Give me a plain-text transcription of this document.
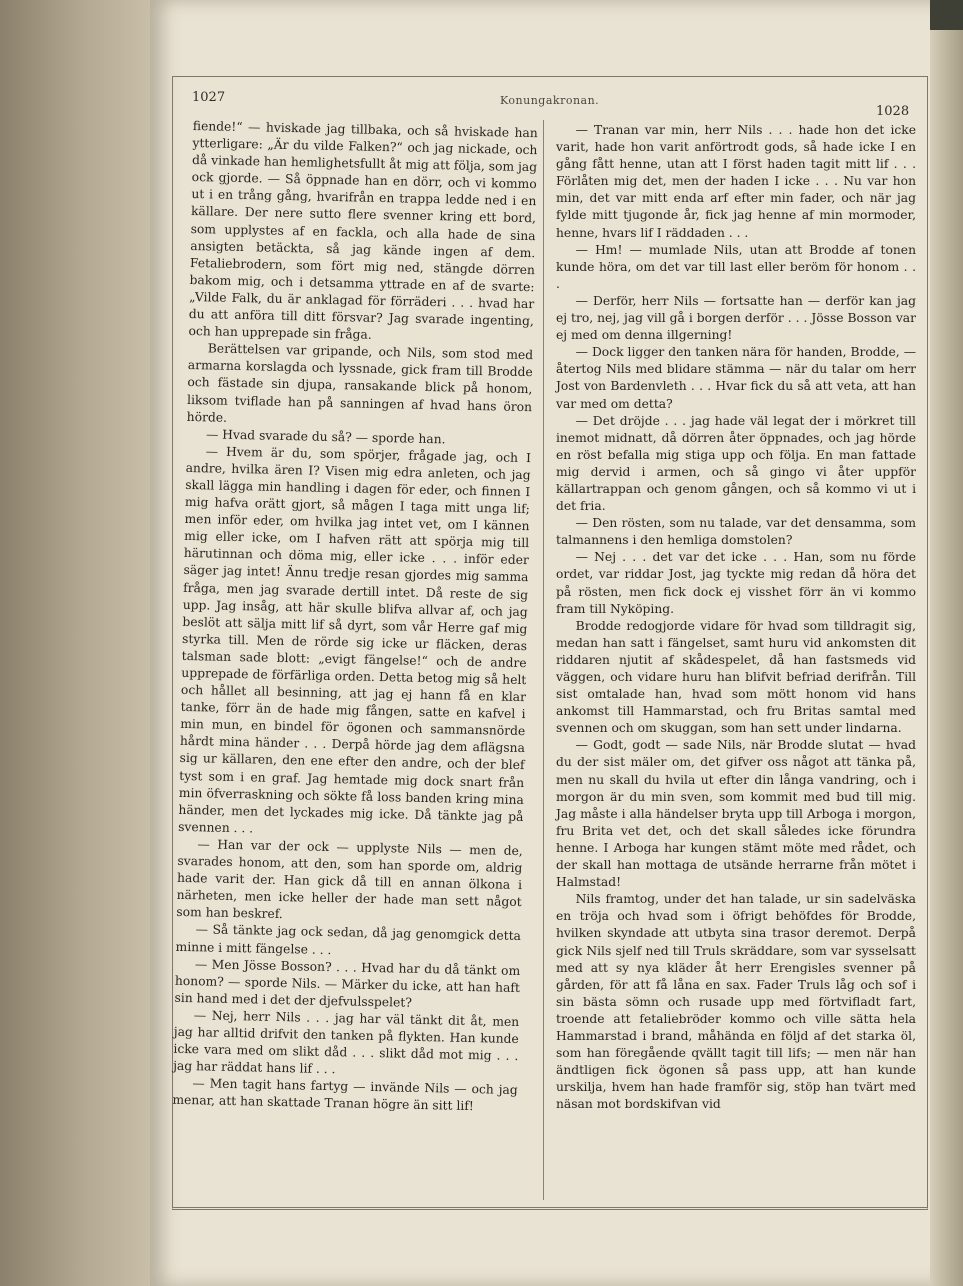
1027	Konungakronan.
1028

fiende!“ — hviskade jag tillbaka, och så hviskade han ytterligare: „Är du vilde Falken?“ och jag nickade, och då vinkade han hemlighetsfullt åt mig att följa, som jag ock gjorde. — Så öppnade han en dörr, och vi kommo ut i en trång gång, hvarifrån en trappa ledde ned i en källare. Der nere sutto flere svenner kring ett bord, som upplystes af en fackla, och alla hade de sina ansigten betäckta, så jag kände ingen af dem. Fetaliebrodern, som fört mig ned, stängde dörren bakom mig, och i detsamma yttrade en af de svarte: „Vilde Falk, du är anklagad för förräderi . . . hvad har du att anföra till ditt försvar? Jag svarade ingenting, och han upprepade sin fråga.

Berättelsen var gripande, och Nils, som stod med armarna korslagda och lyssnade, gick fram till Brodde och fästade sin djupa, ransakande blick på honom, liksom tviflade han på sanningen af hvad hans öron hörde.

— Hvad svarade du så? — sporde han.

— Hvem är du, som spörjer, frågade jag, och I andre, hvilka ären I? Visen mig edra anleten, och jag skall lägga min handling i dagen för eder, och finnen I mig hafva orätt gjort, så mågen I taga mitt unga lif; men inför eder, om hvilka jag intet vet, om I kännen mig eller icke, om I hafven rätt att spörja mig till härutinnan och döma mig, eller icke . . . inför eder säger jag intet! Ännu tredje resan gjordes mig samma fråga, men jag svarade dertill intet. Då reste de sig upp. Jag insåg, att här skulle blifva allvar af, och jag beslöt att sälja mitt lif så dyrt, som vår Herre gaf mig styrka till. Men de rörde sig icke ur fläcken, deras talsman sade blott: „evigt fängelse!“ och de andre upprepade de förfärliga orden. Detta betog mig så helt och hållet all besinning, att jag ej hann få en klar tanke, förr än de hade mig fången, satte en kafvel i min mun, en bindel för ögonen och sammansnörde hårdt mina händer . . . Derpå hörde jag dem aflägsna sig ur källaren, den ene efter den andre, och der blef tyst som i en graf. Jag hemtade mig dock snart från min öfverraskning och sökte få loss banden kring mina händer, men det lyckades mig icke. Då tänkte jag på svennen . . .

— Han var der ock — upplyste Nils — men de, svarades honom, att den, som han sporde om, aldrig hade varit der. Han gick då till en annan ölkona i närheten, men icke heller der hade man sett något som han beskref.

— Så tänkte jag ock sedan, då jag genomgick detta minne i mitt fängelse . . .

— Men Jösse Bosson? . . . Hvad har du då tänkt om honom? — sporde Nils. — Märker du icke, att han haft sin hand med i det der djefvulsspelet?

— Nej, herr Nils . . . jag har väl tänkt dit åt, men jag har alltid drifvit den tanken på flykten. Han kunde icke vara med om slikt dåd . . . slikt dåd mot mig . . . jag har räddat hans lif . . .

— Men tagit hans fartyg — invände Nils — och jag menar, att han skattade Tranan högre än sitt lif!

— Tranan var min, herr Nils . . . hade hon det icke varit, hade hon varit anförtrodt gods, så hade icke I en gång fått henne, utan att I först haden tagit mitt lif . . . Förlåten mig det, men der haden I icke . . . Nu var hon min, det var mitt enda arf efter min fader, och när jag fylde mitt tjugonde år, fick jag henne af min mormoder, henne, hvars lif I räddaden . . .

— Hm! — mumlade Nils, utan att Brodde af tonen kunde höra, om det var till last eller beröm för honom . . .

— Derför, herr Nils — fortsatte han — derför kan jag ej tro, nej, jag vill gå i borgen derför . . . Jösse Bosson var ej med om denna illgerning!

— Dock ligger den tanken nära för handen, Brodde, — återtog Nils med blidare stämma — när du talar om herr Jost von Bardenvleth . . . Hvar fick du så att veta, att han var med om detta?

— Det dröjde . . . jag hade väl legat der i mörkret till inemot midnatt, då dörren åter öppnades, och jag hörde en röst befalla mig stiga upp och följa. En man fattade mig dervid i armen, och så gingo vi åter uppför källartrappan och genom gången, och så kommo vi ut i det fria.

— Den rösten, som nu talade, var det densamma, som talmannens i den hemliga domstolen?

— Nej . . . det var det icke . . . Han, som nu förde ordet, var riddar Jost, jag tyckte mig redan då höra det på rösten, men fick dock ej visshet förr än vi kommo fram till Nyköping.

Brodde redogjorde vidare för hvad som tilldragit sig, medan han satt i fängelset, samt huru vid ankomsten dit riddaren njutit af skådespelet, då han fastsmeds vid väggen, och vidare huru han blifvit befriad derifrån. Till sist omtalade han, hvad som mött honom vid hans ankomst till Hammarstad, och fru Britas samtal med svennen och om skuggan, som han sett under lindarna.

— Godt, godt — sade Nils, när Brodde slutat — hvad du der sist mäler om, det gifver oss något att tänka på, men nu skall du hvila ut efter din långa vandring, och i morgon är du min sven, som kommit med bud till mig. Jag måste i alla händelser bryta upp till Arboga i morgon, fru Brita vet det, och det skall således icke förundra henne. I Arboga har kungen stämt möte med rådet, och der skall han mottaga de utsände herrarne från mötet i Halmstad!

Nils framtog, under det han talade, ur sin sadelväska en tröja och hvad som i öfrigt behöfdes för Brodde, hvilken skyndade att utbyta sina trasor deremot. Derpå gick Nils sjelf ned till Truls skräddare, som var sysselsatt med att sy nya kläder åt herr Erengisles svenner på gården, för att få låna en sax. Fader Truls låg och sof i sin bästa sömn och rusade upp med förtvifladt fart, troende att fetaliebröder kommo och ville sätta hela Hammarstad i brand, måhända en följd af det starka öl, som han föregående qvällt tagit till lifs; — men när han ändtligen fick ögonen så pass upp, att han kunde urskilja, hvem han hade framför sig, stöp han tvärt med näsan mot bordskifvan vid
